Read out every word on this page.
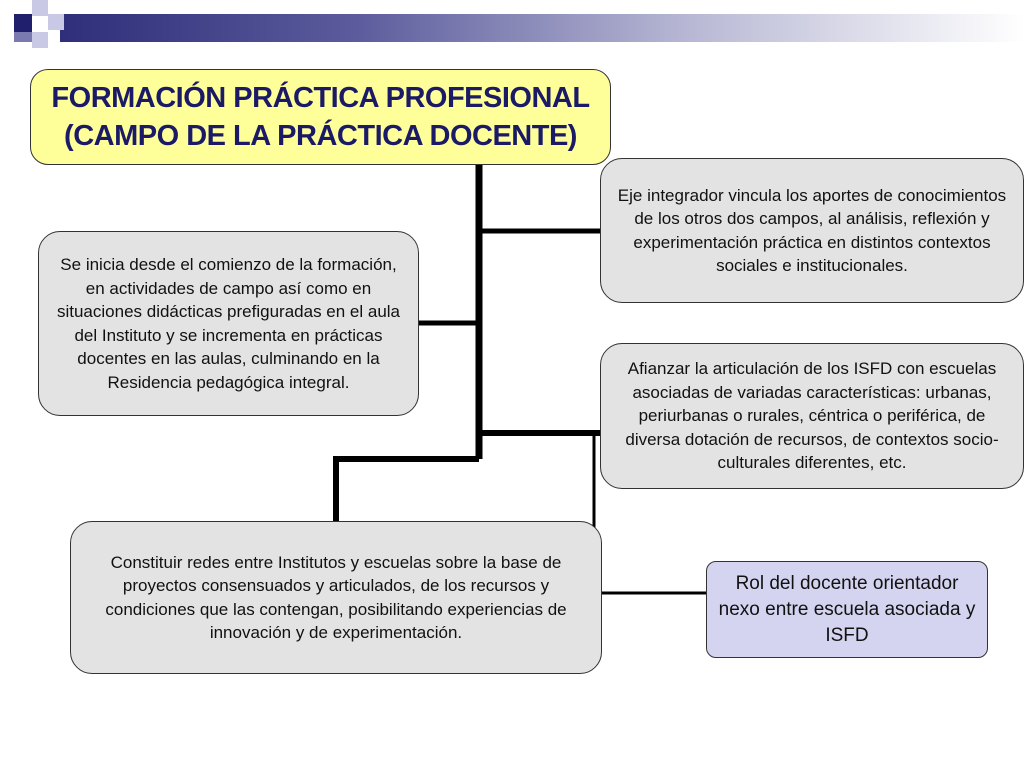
FORMACIÓN PRÁCTICA PROFESIONAL
(CAMPO DE LA PRÁCTICA DOCENTE)
Se inicia desde el comienzo de la formación, en actividades de campo así como en situaciones didácticas prefiguradas en el aula del Instituto y se incrementa en prácticas docentes en las aulas, culminando en la Residencia pedagógica integral.
Eje integrador vincula los aportes de conocimientos de los otros dos campos, al análisis, reflexión y experimentación práctica en distintos contextos sociales e institucionales.
Afianzar la articulación de los ISFD con escuelas asociadas de variadas características: urbanas, periurbanas o rurales, céntrica o periférica, de diversa dotación de recursos, de contextos socio-culturales diferentes, etc.
Constituir redes entre Institutos y escuelas sobre la base de proyectos consensuados y articulados, de los recursos y condiciones que las contengan, posibilitando experiencias de innovación y de experimentación.
Rol del docente orientador nexo entre escuela asociada y ISFD
